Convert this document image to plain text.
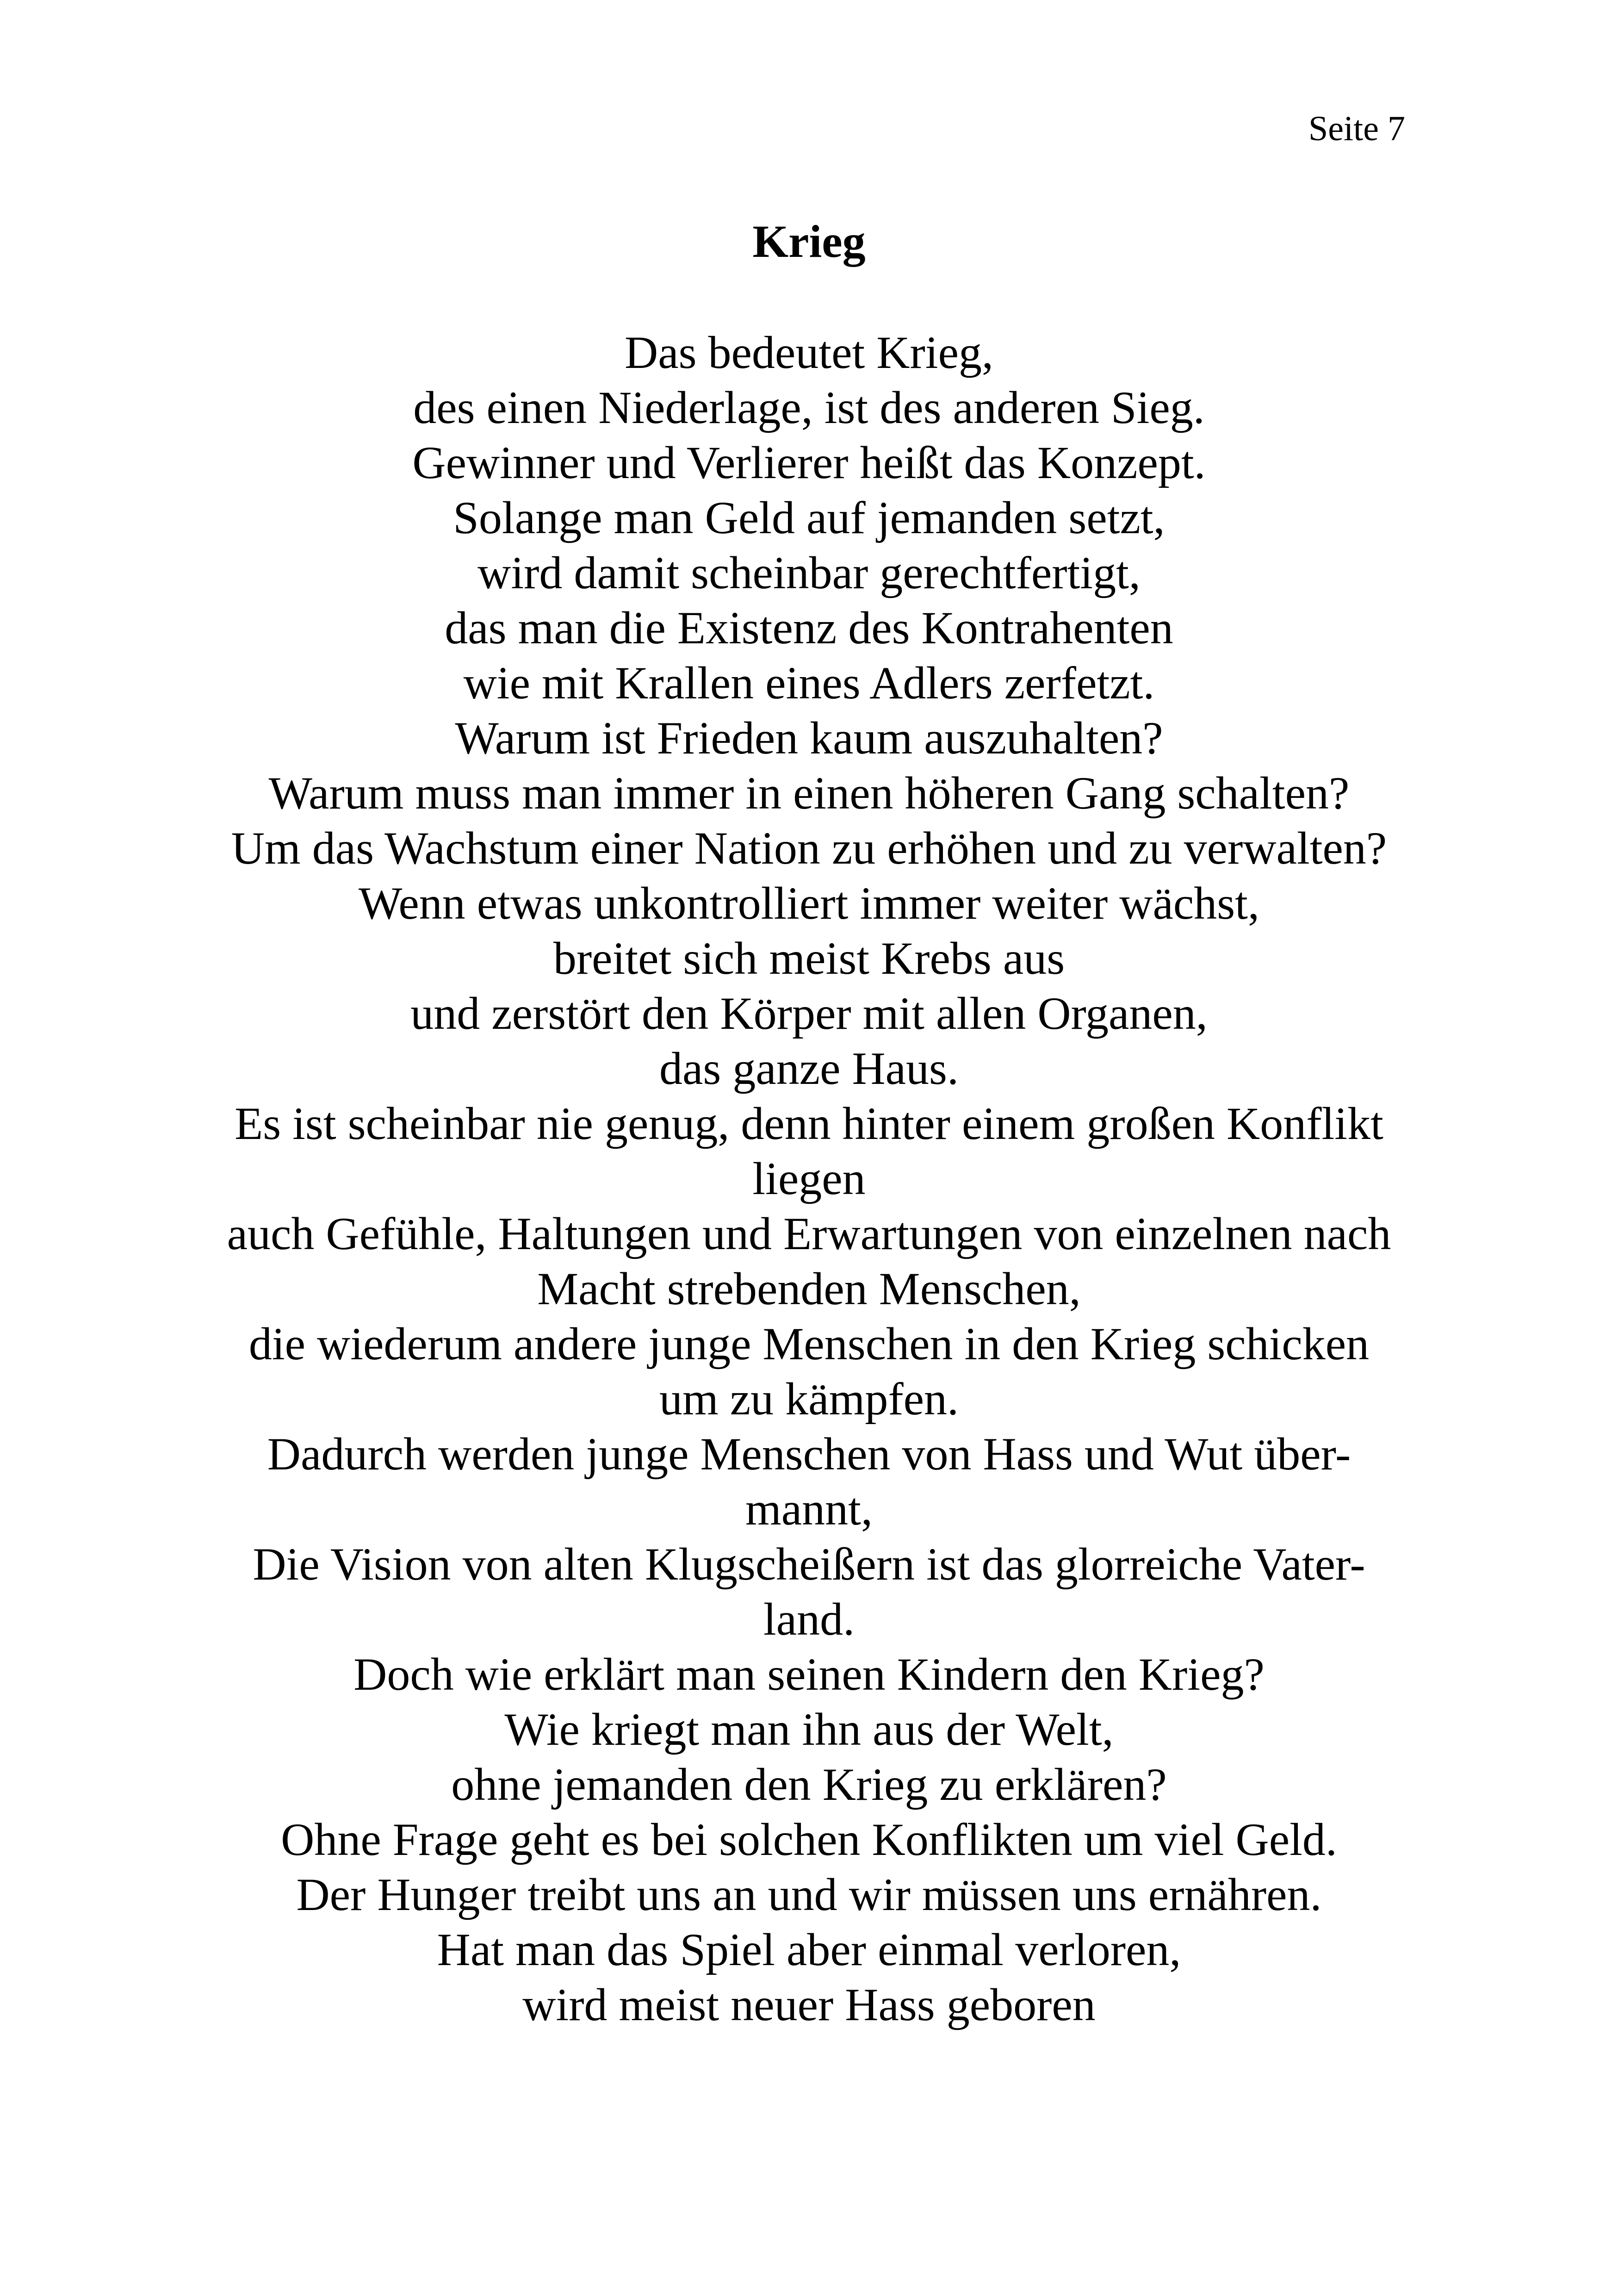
Seite 7
Krieg
Das bedeutet Krieg,
des einen Niederlage, ist des anderen Sieg.
Gewinner und Verlierer heißt das Konzept.
Solange man Geld auf jemanden setzt,
wird damit scheinbar gerechtfertigt,
das man die Existenz des Kontrahenten
wie mit Krallen eines Adlers zerfetzt.
Warum ist Frieden kaum auszuhalten?
Warum muss man immer in einen höheren Gang schalten?
Um das Wachstum einer Nation zu erhöhen und zu verwalten?
Wenn etwas unkontrolliert immer weiter wächst,
breitet sich meist Krebs aus
und zerstört den Körper mit allen Organen,
das ganze Haus.
Es ist scheinbar nie genug, denn hinter einem großen Konflikt
liegen
auch Gefühle, Haltungen und Erwartungen von einzelnen nach
Macht strebenden Menschen,
die wiederum andere junge Menschen in den Krieg schicken
um zu kämpfen.
Dadurch werden junge Menschen von Hass und Wut über-
mannt,
Die Vision von alten Klugscheißern ist das glorreiche Vater-
land.
Doch wie erklärt man seinen Kindern den Krieg?
Wie kriegt man ihn aus der Welt,
ohne jemanden den Krieg zu erklären?
Ohne Frage geht es bei solchen Konflikten um viel Geld.
Der Hunger treibt uns an und wir müssen uns ernähren.
Hat man das Spiel aber einmal verloren,
wird meist neuer Hass geboren
